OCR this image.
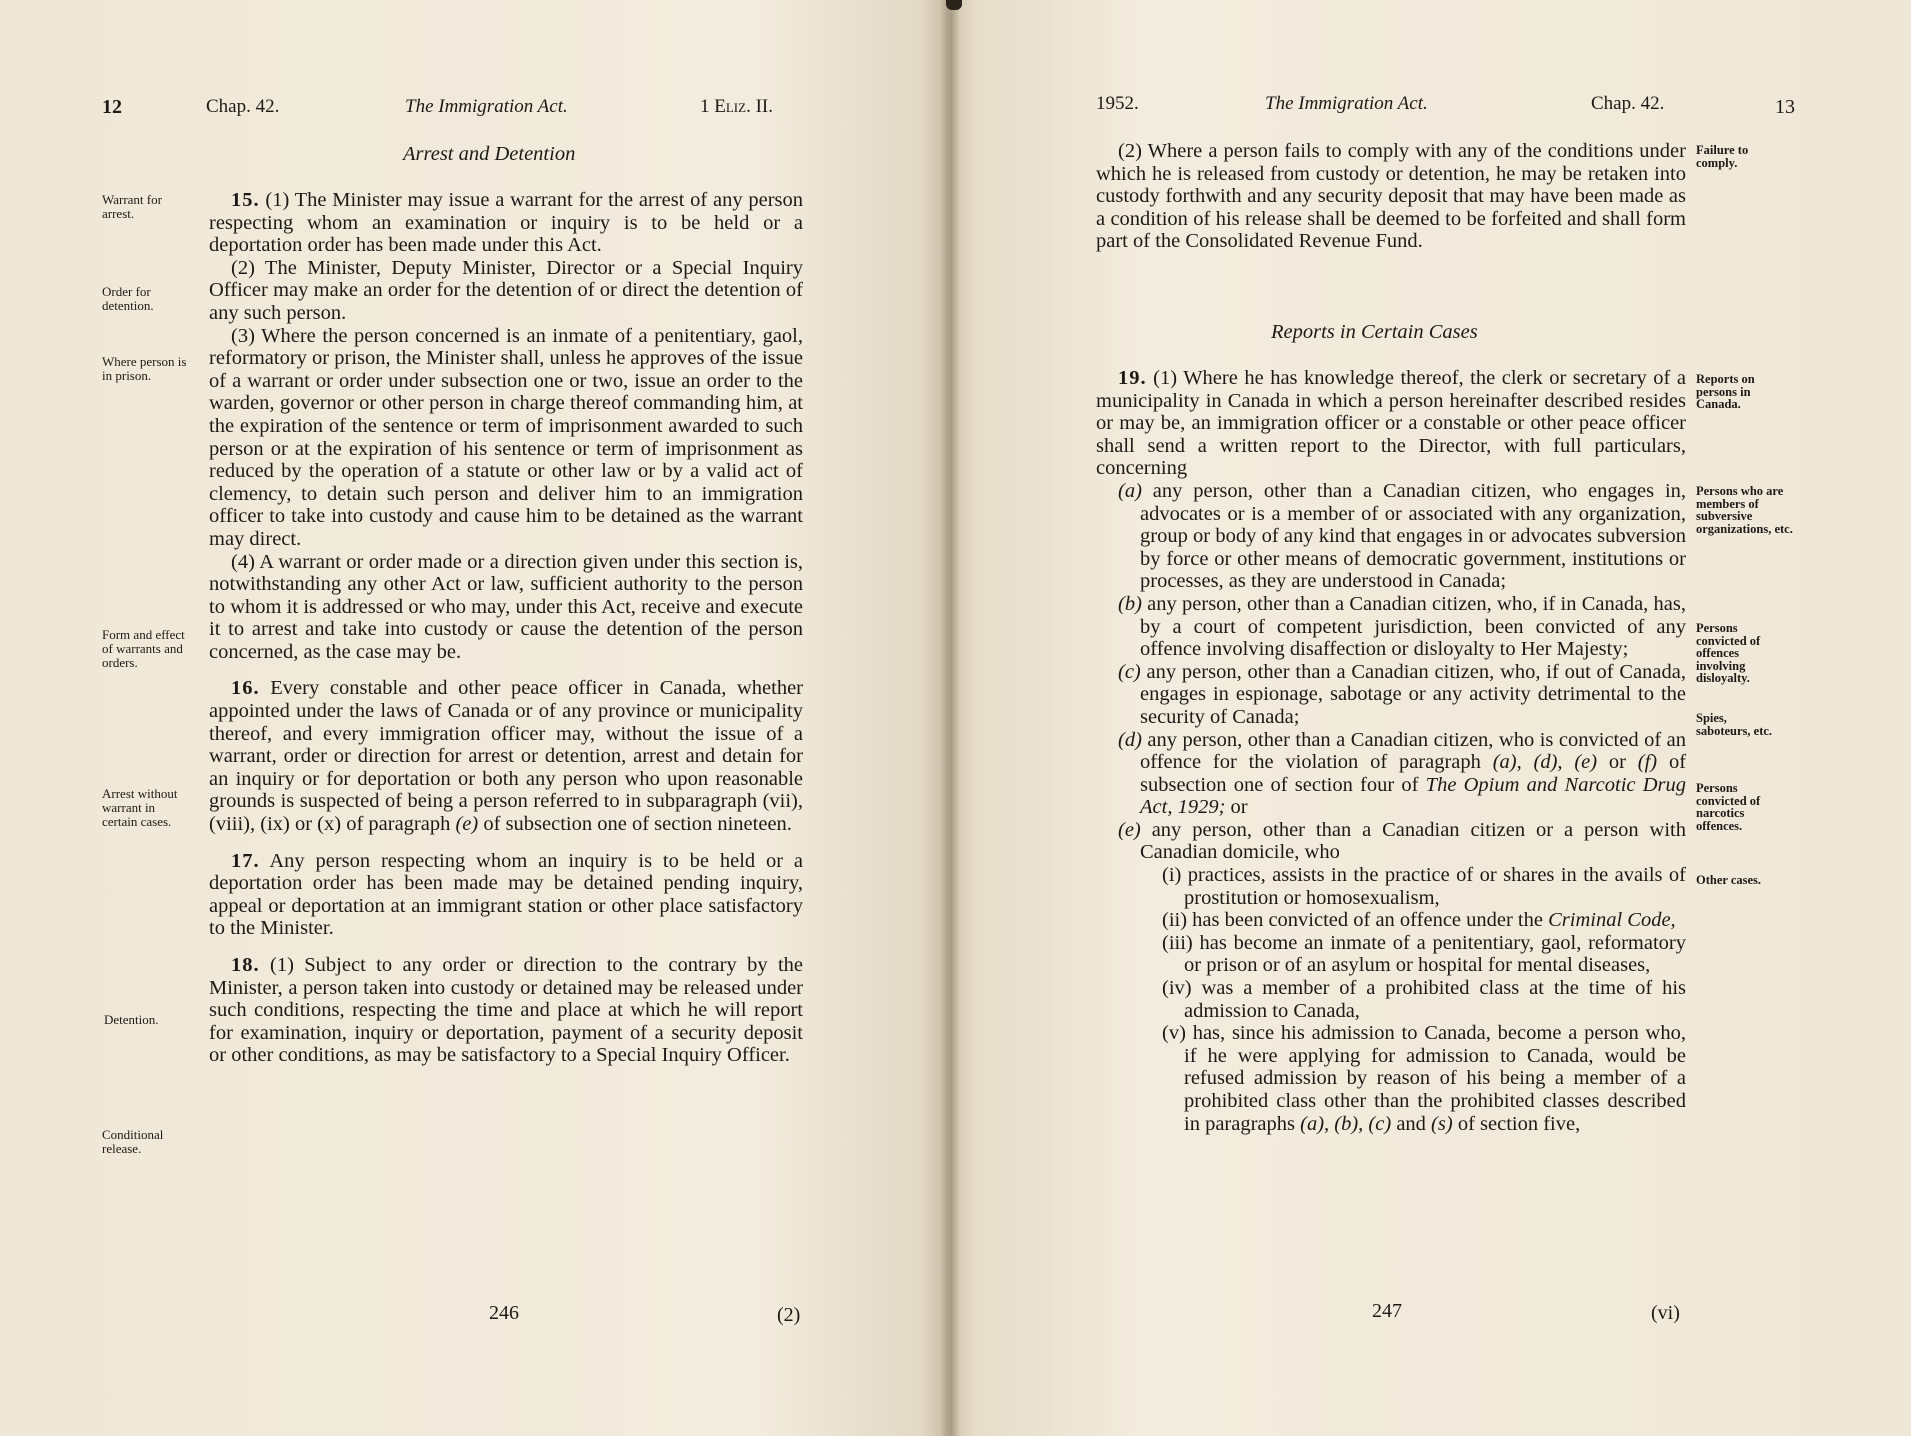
12	Chap. 42.	The Immigration Act.	1 Eliz. II.
Arrest and Detention
Warrant for arrest.
Order for detention.
Where person is in prison.
Form and effect of warrants and orders.
Arrest without warrant in certain cases.
Detention.
Conditional release.

15. (1) The Minister may issue a warrant for the arrest of any person respecting whom an examination or inquiry is to be held or a deportation order has been made under this Act.

(2) The Minister, Deputy Minister, Director or a Special Inquiry Officer may make an order for the detention of or direct the detention of any such person.

(3) Where the person concerned is an inmate of a penitentiary, gaol, reformatory or prison, the Minister shall, unless he approves of the issue of a warrant or order under subsection one or two, issue an order to the warden, governor or other person in charge thereof commanding him, at the expiration of the sentence or term of imprisonment awarded to such person or at the expiration of his sentence or term of imprisonment as reduced by the operation of a statute or other law or by a valid act of clemency, to detain such person and deliver him to an immigration officer to take into custody and cause him to be detained as the warrant may direct.

(4) A warrant or order made or a direction given under this section is, notwithstanding any other Act or law, sufficient authority to the person to whom it is addressed or who may, under this Act, receive and execute it to arrest and take into custody or cause the detention of the person concerned, as the case may be.

16. Every constable and other peace officer in Canada, whether appointed under the laws of Canada or of any province or municipality thereof, and every immigration officer may, without the issue of a warrant, order or direction for arrest or detention, arrest and detain for an inquiry or for deportation or both any person who upon reasonable grounds is suspected of being a person referred to in subparagraph (vii), (viii), (ix) or (x) of paragraph (e) of subsection one of section nineteen.

17. Any person respecting whom an inquiry is to be held or a deportation order has been made may be detained pending inquiry, appeal or deportation at an immigrant station or other place satisfactory to the Minister.

18. (1) Subject to any order or direction to the contrary by the Minister, a person taken into custody or detained may be released under such conditions, respecting the time and place at which he will report for examination, inquiry or deportation, payment of a security deposit or other conditions, as may be satisfactory to a Special Inquiry Officer.

246	(2)
1952.	The Immigration Act.	Chap. 42.	13
Failure to comply.
Reports on persons in Canada.
Persons who are members of subversive organizations, etc.
Persons convicted of offences involving disloyalty.
Spies, saboteurs, etc.
Persons convicted of narcotics offences.
Other cases.

(2) Where a person fails to comply with any of the conditions under which he is released from custody or detention, he may be retaken into custody forthwith and any security deposit that may have been made as a condition of his release shall be deemed to be forfeited and shall form part of the Consolidated Revenue Fund.

Reports in Certain Cases

19. (1) Where he has knowledge thereof, the clerk or secretary of a municipality in Canada in which a person hereinafter described resides or may be, an immigration officer or a constable or other peace officer shall send a written report to the Director, with full particulars, concerning

(a) any person, other than a Canadian citizen, who engages in, advocates or is a member of or associated with any organization, group or body of any kind that engages in or advocates subversion by force or other means of democratic government, institutions or processes, as they are understood in Canada;
(b) any person, other than a Canadian citizen, who, if in Canada, has, by a court of competent jurisdiction, been convicted of any offence involving disaffection or disloyalty to Her Majesty;
(c) any person, other than a Canadian citizen, who, if out of Canada, engages in espionage, sabotage or any activity detrimental to the security of Canada;
(d) any person, other than a Canadian citizen, who is convicted of an offence for the violation of paragraph (a), (d), (e) or (f) of subsection one of section four of The Opium and Narcotic Drug Act, 1929; or
(e) any person, other than a Canadian citizen or a person with Canadian domicile, who
(i) practices, assists in the practice of or shares in the avails of prostitution or homosexualism,
(ii) has been convicted of an offence under the Criminal Code,
(iii) has become an inmate of a penitentiary, gaol, reformatory or prison or of an asylum or hospital for mental diseases,
(iv) was a member of a prohibited class at the time of his admission to Canada,
(v) has, since his admission to Canada, become a person who, if he were applying for admission to Canada, would be refused admission by reason of his being a member of a prohibited class other than the prohibited classes described in paragraphs (a), (b), (c) and (s) of section five,
247	(vi)
